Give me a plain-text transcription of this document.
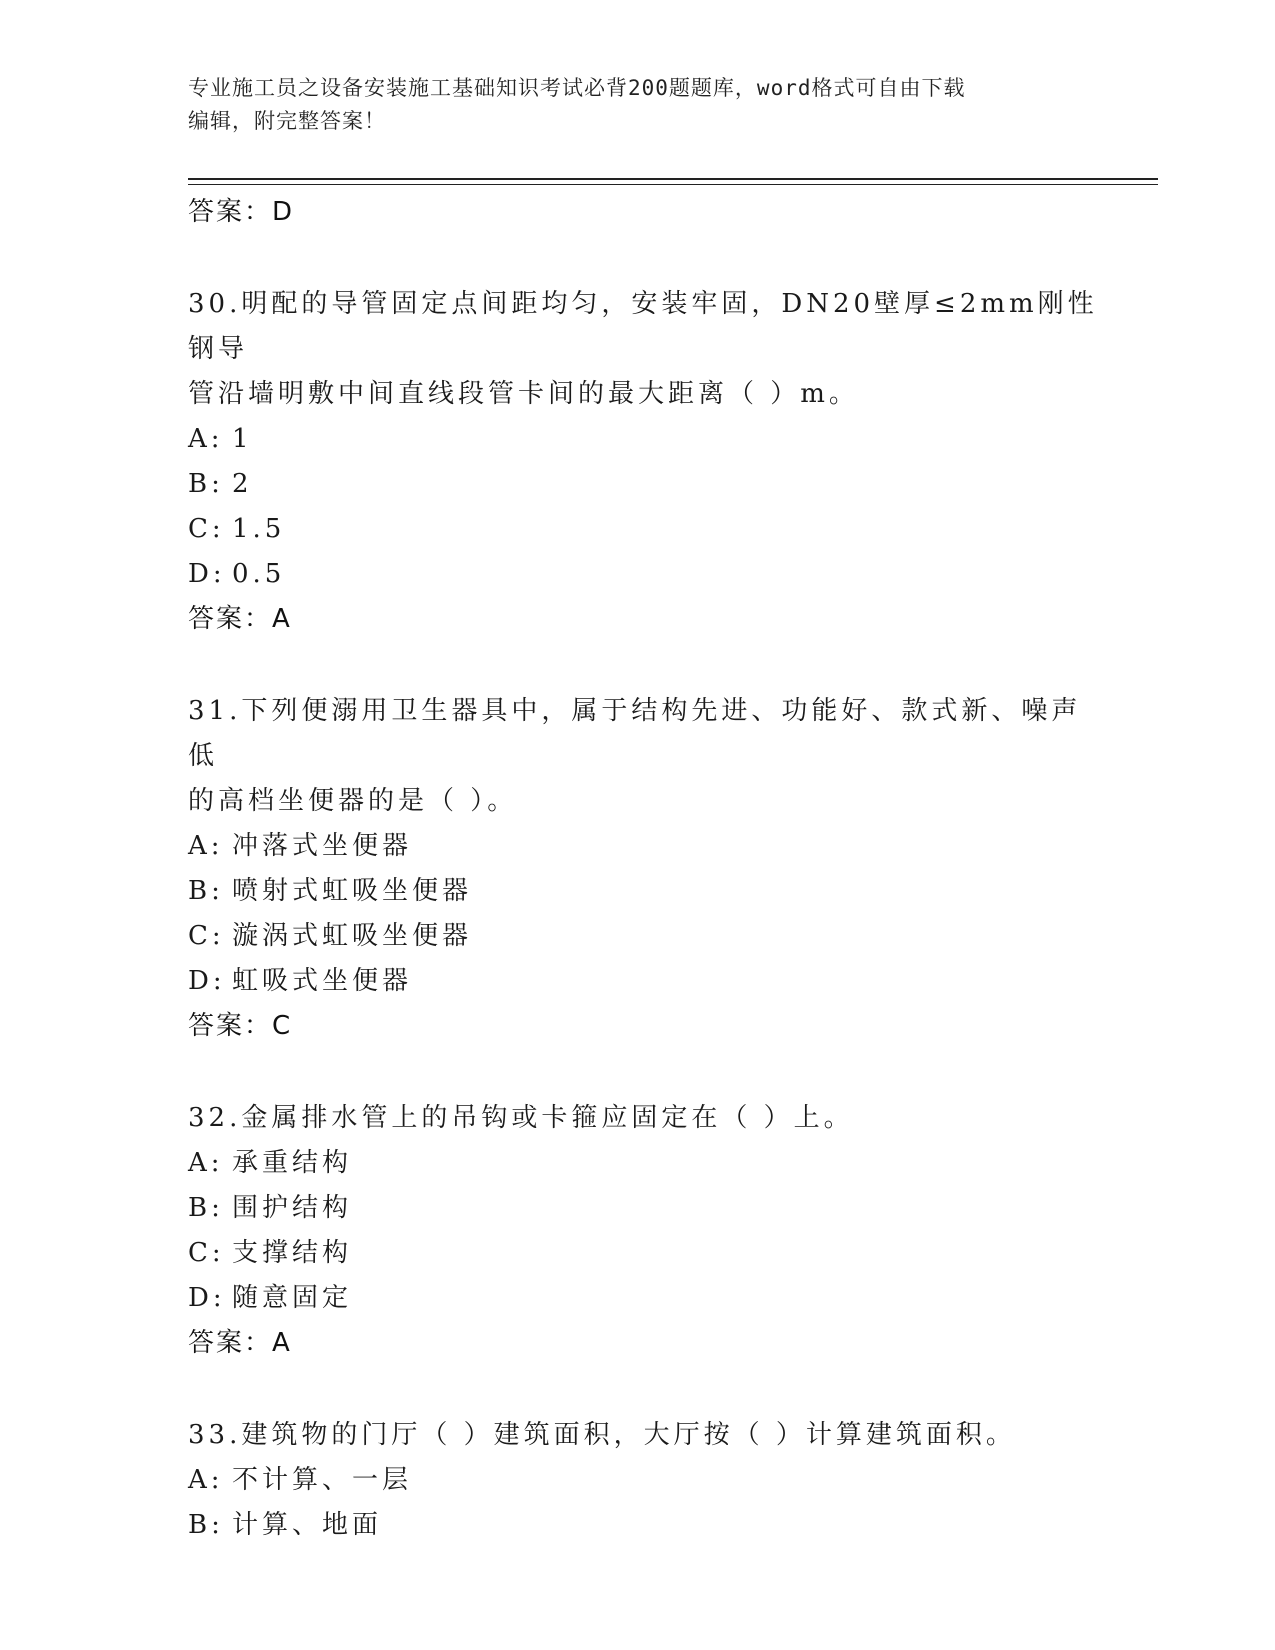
专业施工员之设备安装施工基础知识考试必背200题题库，word格式可自由下载
编辑，附完整答案！
答案：D
30.明配的导管固定点间距均匀，安装牢固，DN20壁厚≤2mm刚性钢导
管沿墙明敷中间直线段管卡间的最大距离（ ）m。
A: 1
B: 2
C: 1.5
D: 0.5
答案：A
31.下列便溺用卫生器具中，属于结构先进、功能好、款式新、噪声低
的高档坐便器的是（ ）。
A: 冲落式坐便器
B: 喷射式虹吸坐便器
C: 漩涡式虹吸坐便器
D: 虹吸式坐便器
答案：C
32.金属排水管上的吊钩或卡箍应固定在（ ）上。
A: 承重结构
B: 围护结构
C: 支撑结构
D: 随意固定
答案：A
33.建筑物的门厅（ ）建筑面积，大厅按（ ）计算建筑面积。
A: 不计算、一层
B: 计算、地面
